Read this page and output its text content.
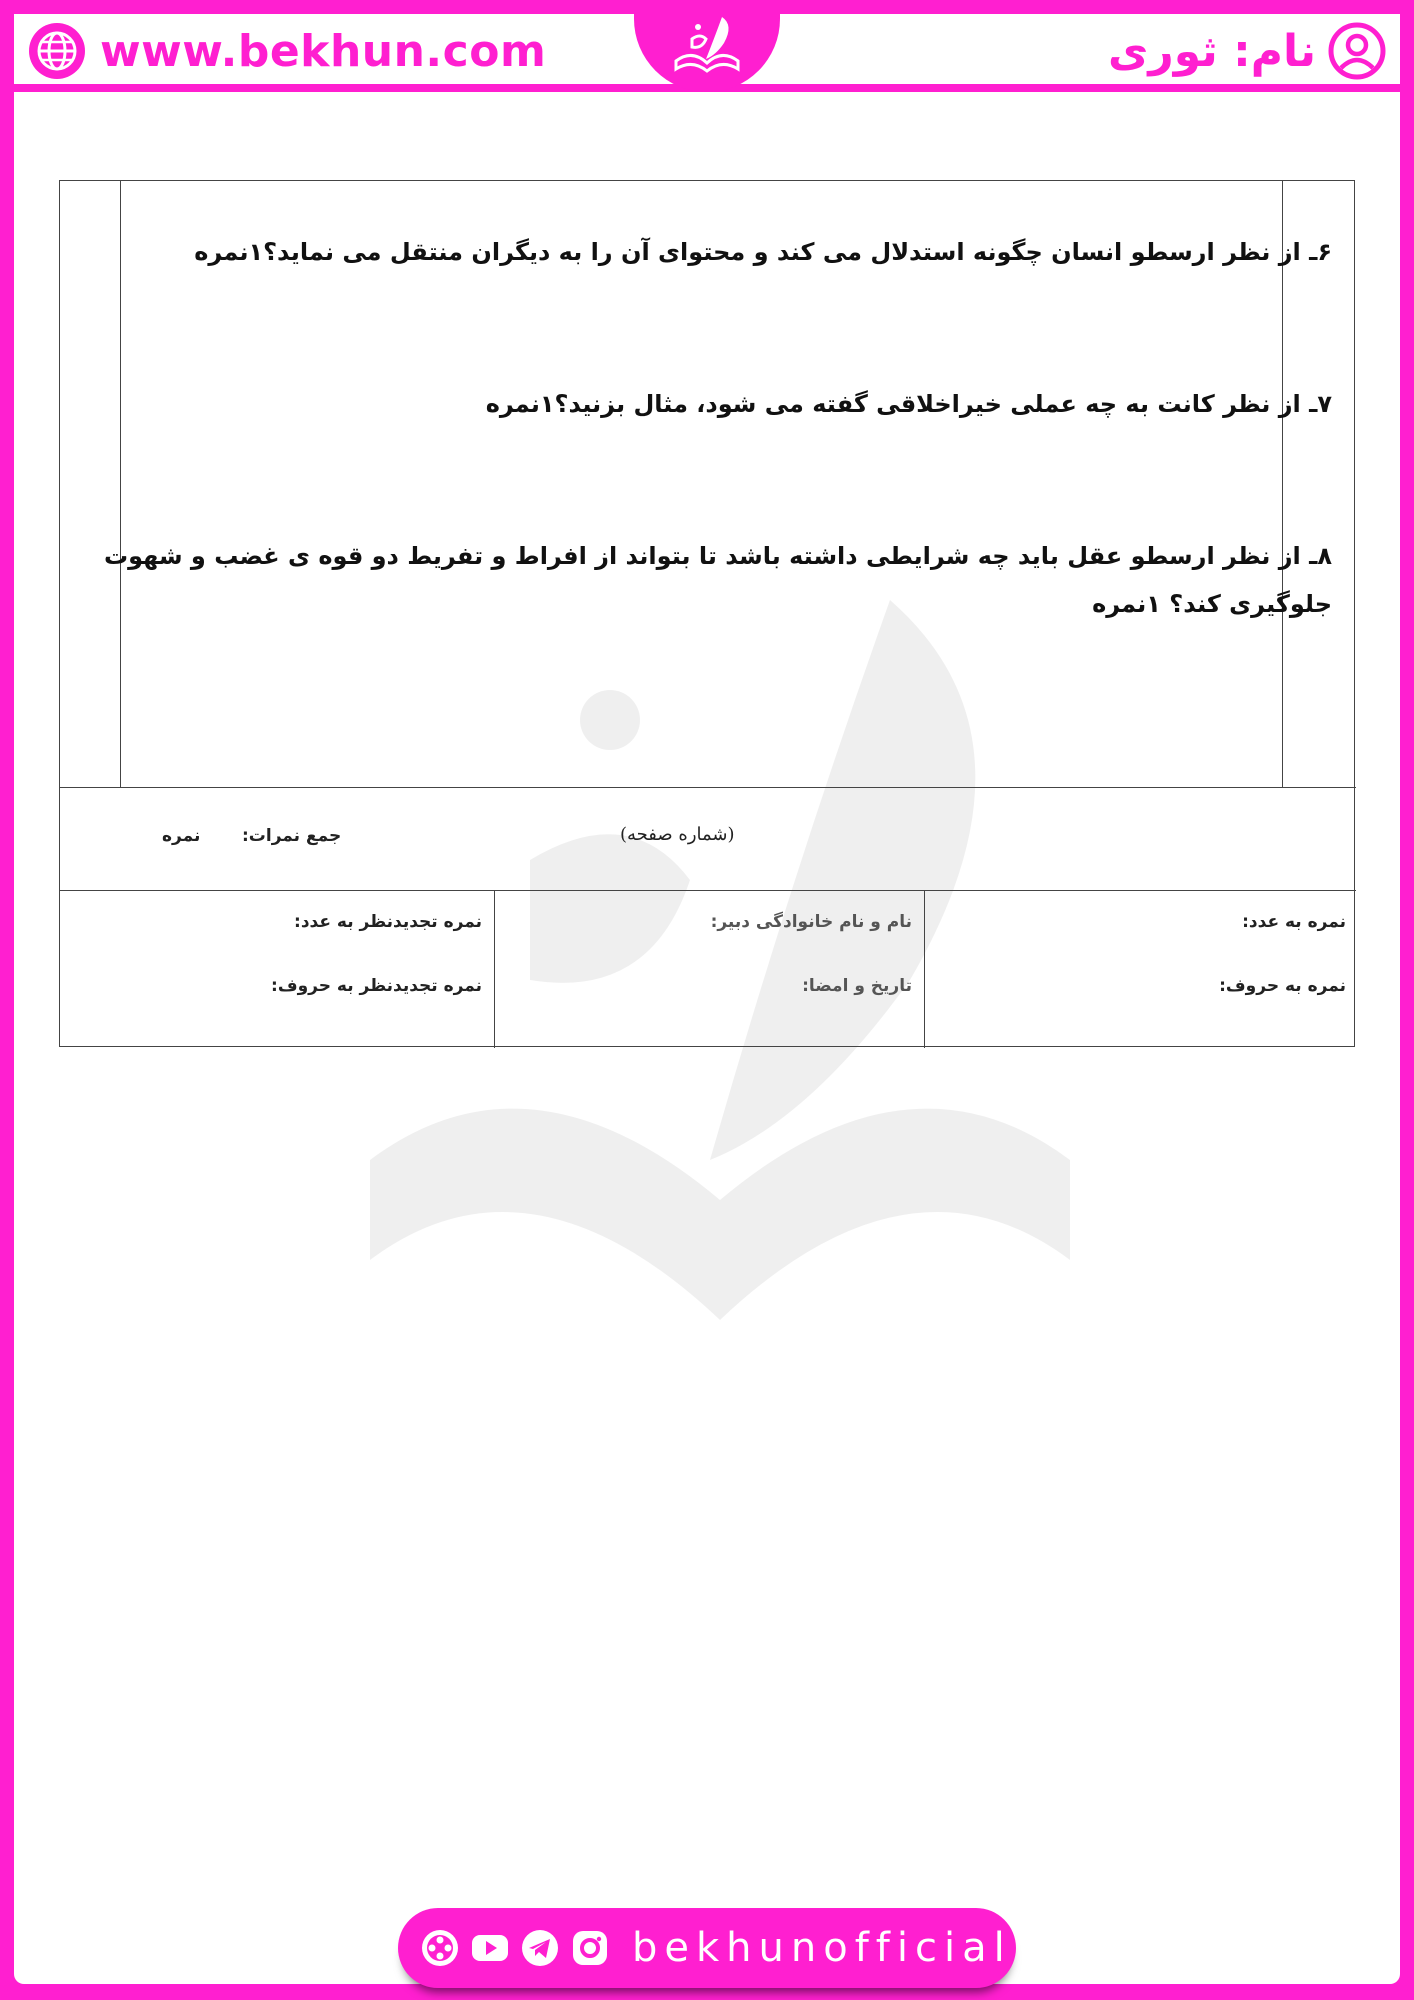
www.bekhun.com	نام: ثوری
۶ـ از نظر ارسطو انسان چگونه استدلال می کند و محتوای آن را به دیگران منتقل می نماید؟۱نمره
۷ـ از نظر کانت به چه عملی خیراخلاقی گفته می شود، مثال بزنید؟۱نمره
۸ـ از نظر ارسطو عقل باید چه شرایطی داشته باشد تا بتواند از افراط و تفریط دو قوه ی غضب و شهوت
جلوگیری کند؟ ۱نمره
(شماره صفحه)
جمع نمرات:
نمره
نمره به عدد:
نمره به حروف:
نام و نام خانوادگی دبیر:
تاریخ و امضا:
نمره تجدیدنظر به عدد:
نمره تجدیدنظر به حروف:
bekhunofficial
